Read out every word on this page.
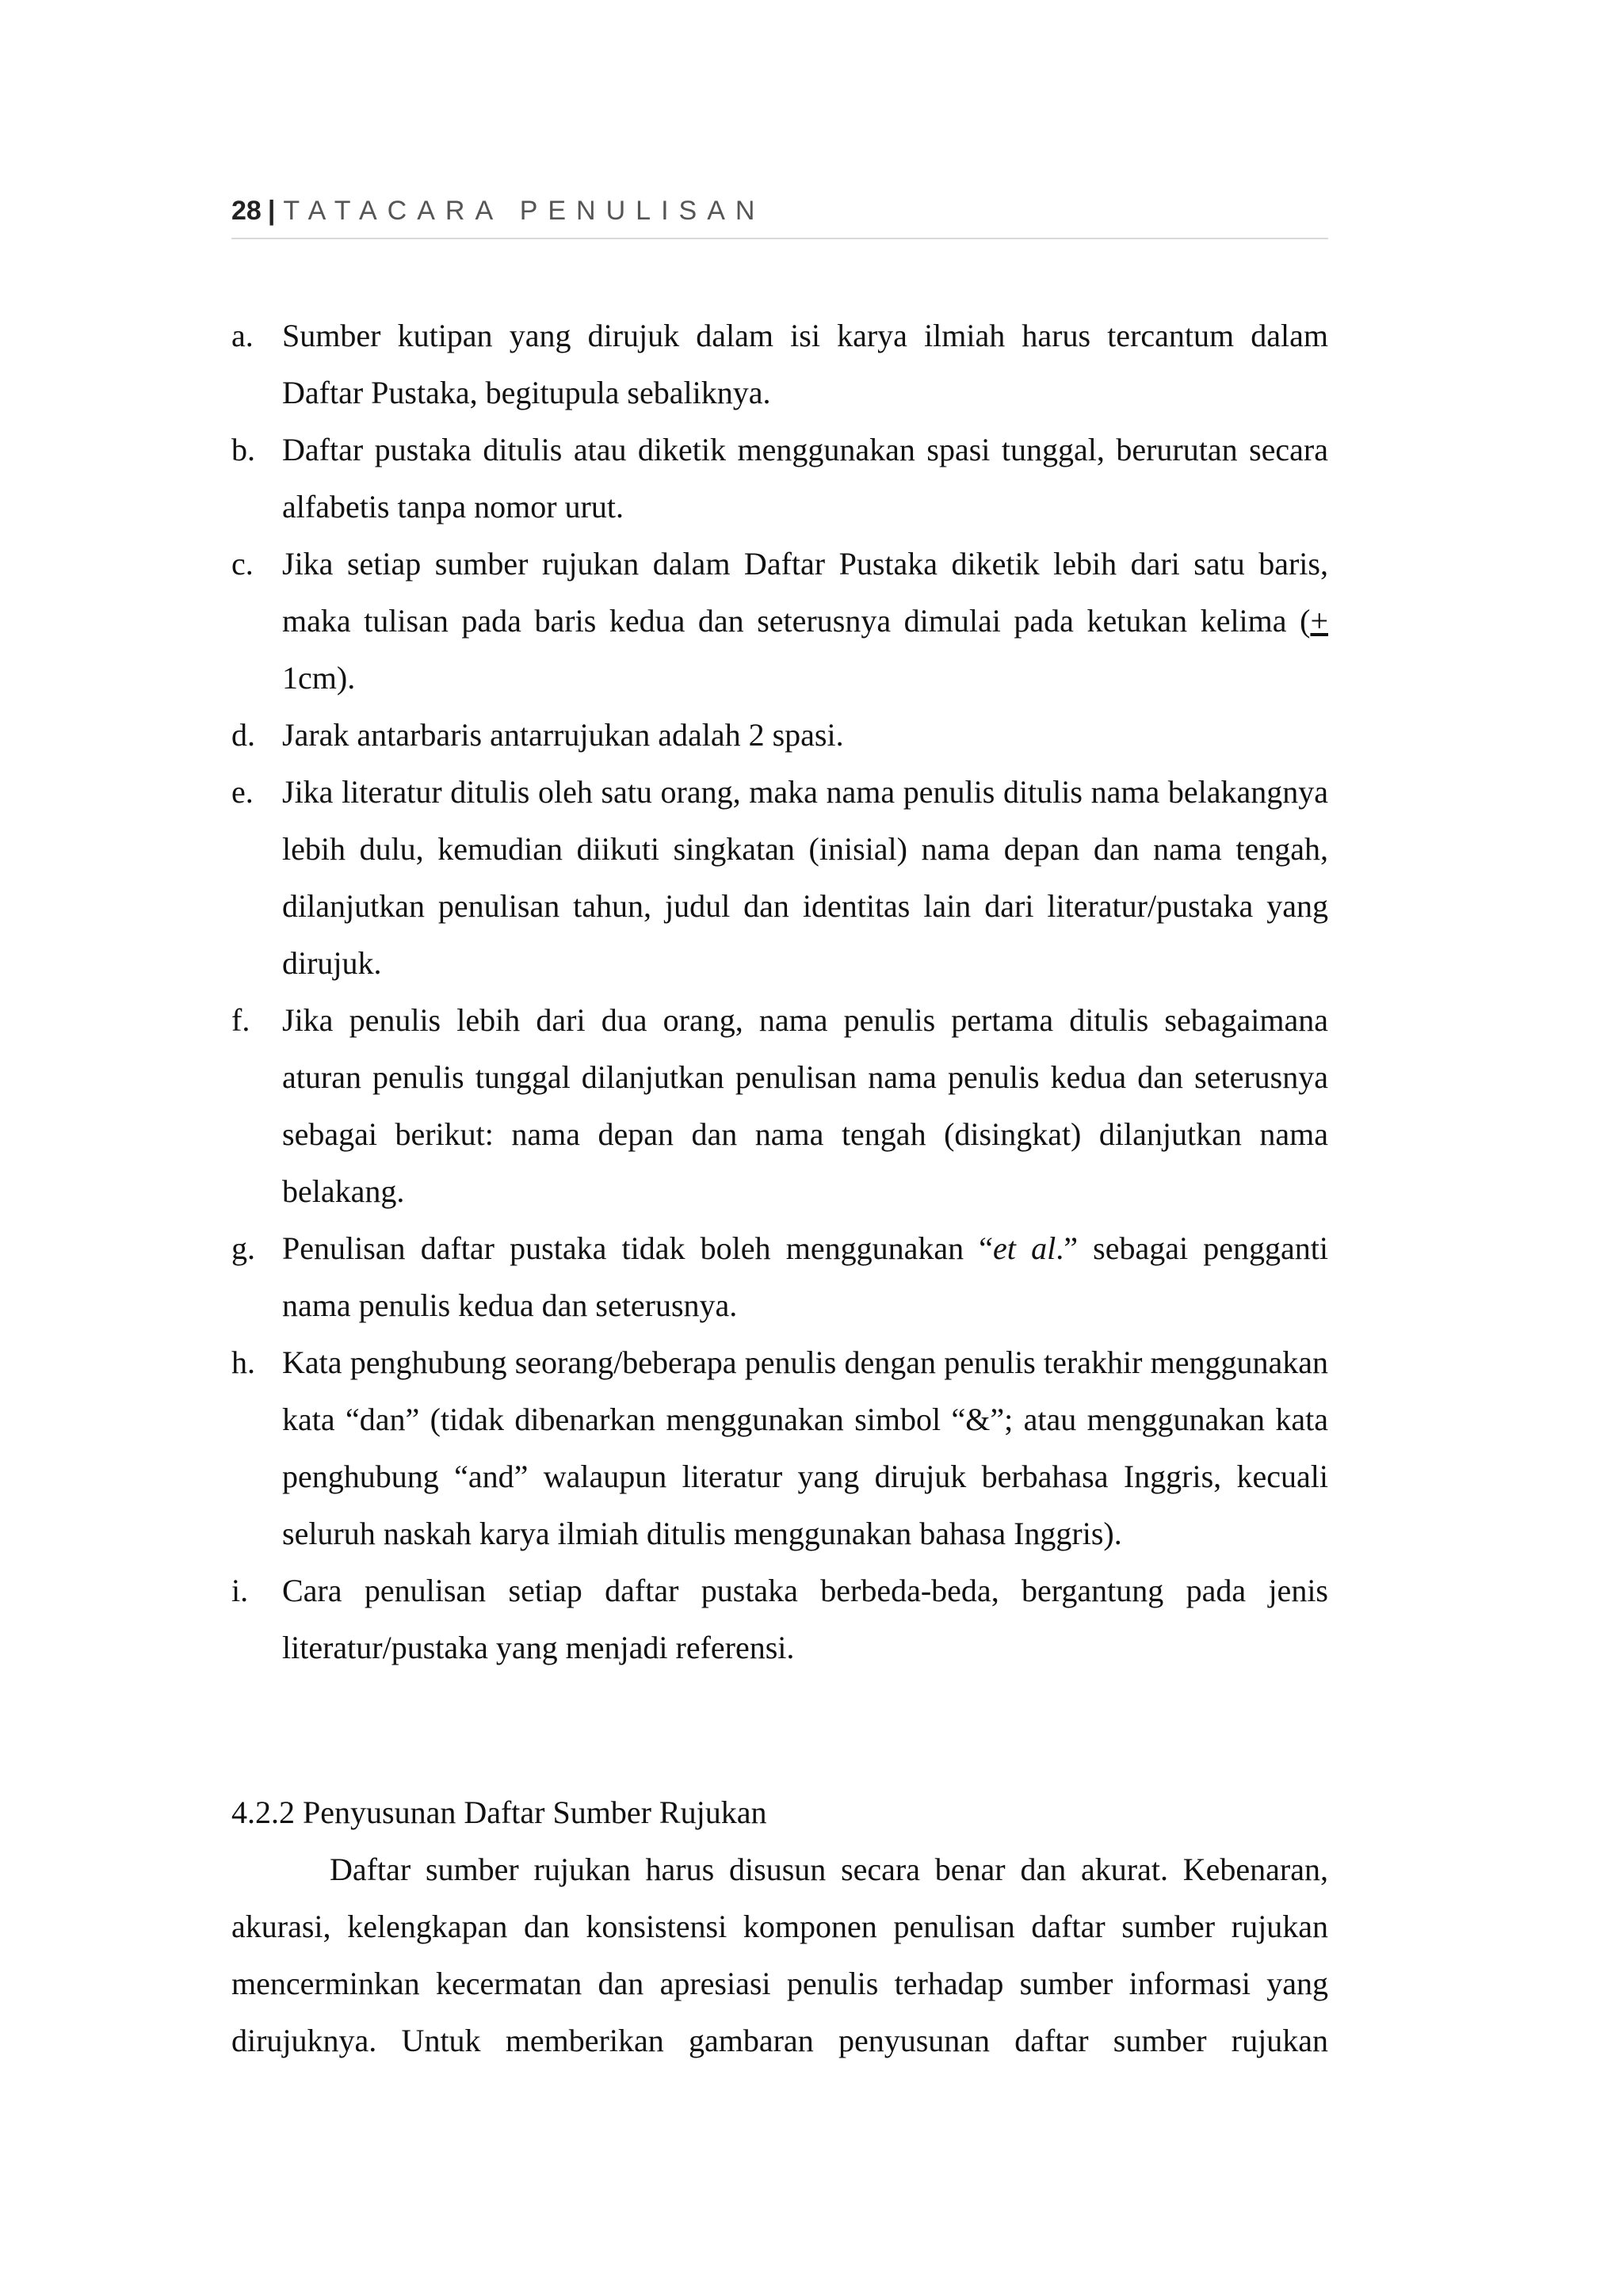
28 | TATACARA PENULISAN
a. Sumber kutipan yang dirujuk dalam isi karya ilmiah harus tercantum dalam Daftar Pustaka, begitupula sebaliknya.
b. Daftar pustaka ditulis atau diketik menggunakan spasi tunggal, berurutan secara alfabetis tanpa nomor urut.
c. Jika setiap sumber rujukan dalam Daftar Pustaka diketik lebih dari satu baris, maka tulisan pada baris kedua dan seterusnya dimulai pada ketukan kelima (+ 1cm).
d. Jarak antarbaris antarrujukan adalah 2 spasi.
e. Jika literatur ditulis oleh satu orang, maka nama penulis ditulis nama belakangnya lebih dulu, kemudian diikuti singkatan (inisial) nama depan dan nama tengah, dilanjutkan penulisan tahun, judul dan identitas lain dari literatur/pustaka yang dirujuk.
f.	Jika penulis lebih dari dua orang, nama penulis pertama ditulis sebagaimana aturan penulis tunggal dilanjutkan penulisan nama penulis kedua dan seterusnya sebagai berikut: nama depan dan nama tengah (disingkat) dilanjutkan nama belakang.
g. Penulisan daftar pustaka tidak boleh menggunakan “et al.” sebagai pengganti nama penulis kedua dan seterusnya.
h. Kata penghubung seorang/beberapa penulis dengan penulis terakhir menggunakan kata “dan” (tidak dibenarkan menggunakan simbol “&”; atau menggunakan kata penghubung “and” walaupun literatur yang dirujuk berbahasa Inggris, kecuali seluruh naskah karya ilmiah ditulis menggunakan bahasa Inggris).
i.	Cara penulisan setiap daftar pustaka berbeda-beda, bergantung pada jenis literatur/pustaka yang menjadi referensi.
4.2.2 Penyusunan Daftar Sumber Rujukan

Daftar sumber rujukan harus disusun secara benar dan akurat. Kebenaran, akurasi, kelengkapan dan konsistensi komponen penulisan daftar sumber rujukan mencerminkan kecermatan dan apresiasi penulis terhadap sumber informasi yang dirujuknya. Untuk memberikan gambaran penyusunan daftar sumber rujukan
